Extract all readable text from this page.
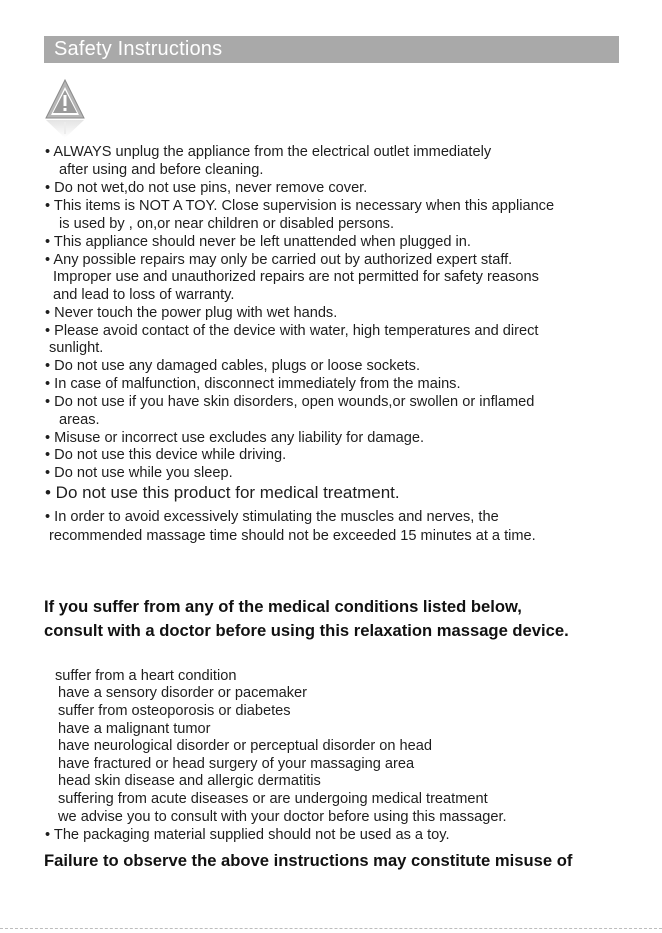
Safety Instructions
• ALWAYS unplug the appliance from the electrical outlet immediately
after using and before cleaning.
• Do not wet,do not use pins, never remove cover.
• This items is NOT A TOY. Close supervision is necessary when this appliance
is used by , on,or near children or disabled persons.
• This appliance should never be left unattended when plugged in.
• Any possible repairs may only be carried out by authorized expert staff.
Improper use and unauthorized repairs are not permitted for safety reasons
and lead to loss of warranty.
• Never touch the power plug with wet hands.
• Please avoid contact of the device with water, high temperatures and direct
sunlight.
• Do not use any damaged cables, plugs or loose sockets.
• In case of malfunction, disconnect immediately from the mains.
• Do not use if you have skin disorders, open wounds,or swollen or inflamed
areas.
• Misuse or incorrect use excludes any liability for damage.
• Do not use this device while driving.
• Do not use while you sleep.
• Do not use this product for medical treatment.
• In order to avoid excessively stimulating the muscles and nerves, the
recommended massage time should not be exceeded 15 minutes at a time.
If you suffer from any of the medical conditions listed below,
consult with a doctor before using this relaxation massage device.
suffer from a heart condition
have a sensory disorder or pacemaker
suffer from osteoporosis or diabetes
have a malignant tumor
have neurological disorder or perceptual disorder on head
have fractured or head surgery of your massaging area
head skin disease and allergic dermatitis
suffering from acute diseases or are undergoing medical treatment
we advise you to consult with your doctor before using this massager.
• The packaging material supplied should not be used as a toy.
Failure to observe the above instructions may constitute misuse of
